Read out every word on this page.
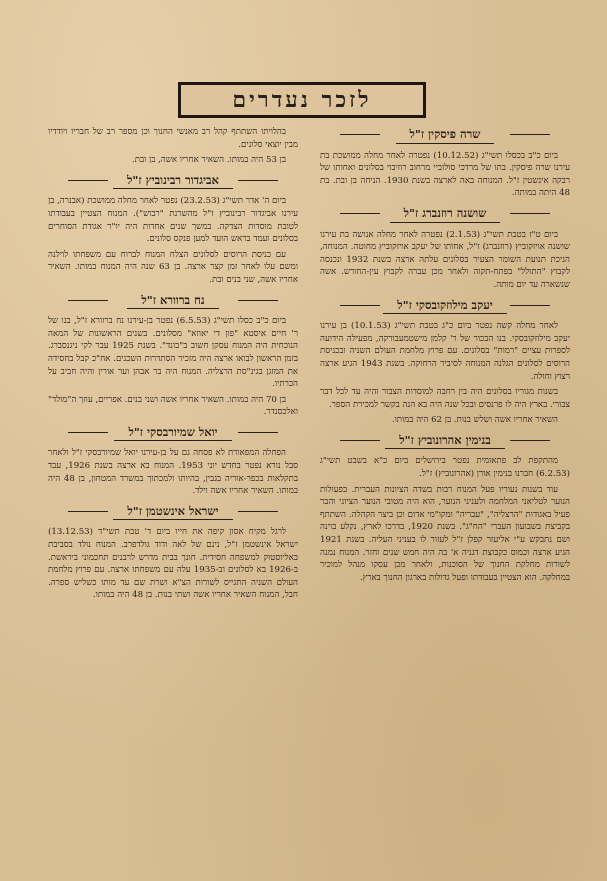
לזכר נעדרים
שרה פיסקין ז"ל
ביום כ"ב בכסלו תשי"ג (10.12.52) נפטרה לאחר מחלה ממושכת בת עירנו שרה פיסקין. בתו של מרדכי סולוביי מרחוב רוזיבוי בסלונים ואחותו של רבקה אינשטין ז"ל. המנוחה באה לארצה בשנת 1930. הניחה בן ובת. בת 48 היתה במותה.
שושנה רוזנברג ז"ל
ביום ט"ז בטבת תשי"ג (2.1.53) נפטרה לאחר מחלה אנושה בת עירנו שושנה אויזקוביץ (רוזנברג) ז"ל, אחותו של יעקב אויזקוביץ מחוטה. המנוחה, הניכת תנועת השומר הצעיר בסלונים עלתה ארצה בשנת 1932 ונכנסה לקבוץ "התולל" בפתח-תקוה ולאחר מכן עברה לקבוץ עין-החורש. אשה שנשארה עד יום מותה.
יעקב מילוזקובסקי ז"ל
לאחר מחלה קשה נפטר ביום כ"ג בטבת תשי"ג (10.1.53) בן עירנו יעקב מילוזקובסקי. בנו הבכור של ר' קלמן מישטמעבורקה, מפעילה הידועה לספרות עציים "רמות" בסלונים. עם פרוץ מלחמת העולם השניה ובכניסת הרוסים לסלונים הגלנה המנוחה לסיביר הרחוקה. בשנת 1943 הגיע ארצה רצוץ וחולה.
בשנות מגוריו בסלונים היה בין רחבה למוסדות הצבור והיה עד לכל דבר צבורי. בארץ היה לו פרנסים ובכל שנה היה בא הנה בקשר למכירת הספר.
השאיר אחריו אשה ושלש בנות. בן 62 היה במותו.
בנימין אהרונוביץ ז"ל
מהתקפת לב פתאומית נפטר בירושלים ביום כ"א בשבט תשי"ג (6.2.53) חברנו בנימין אורן (אהרונוביץ) ז"ל.
עוד בשנות נעוריו פעל המנוח רבות בשדה הציונות העברית. בפעולות הנוער לטליאני המלחמה ולעניני הנוער, הוא היה מטובי הנוער הציוני והבר פעיל באגודות "הרצליה", "עבריה" ומקו"מי אדום וכן ביצר הקהלה. השתתף בקביצת בשבועון העברי "הח"ג". בשנת 1920, בדרכו לארץ, נקלע בוינה ושם נתבקש ע"י אליעזר קפלן ז"ל לעזור לו בעניני העליה. בשנת 1921 הגיע ארצה וכמוס כקבוצת דגניה א' בה היה חמש שנים וחזר. המנוח נמנה לשורות מחלקת החנוך של הסוכנות, ולאחר מכן עסקו מנהל למוכיר במחלקה. הוא הצטיין בעבודתו ופעל גדולות בארגון החנוך בארץ.
בהלויתו השתתף קהל רב מאנשי החנוך וכן מספר רב של חבריו ויודדיו מבין יוצאי סלונים.
בן 53 היה במותו. השאיר אחריו אשה, בן ובת.
אביגדור רבינוביץ ז"ל
ביום ה' אדר תשי"ג (23.2.53) נפטר לאחר מחלה ממושכת (אבנרה, בן עירנו אביגדור רבינוביץ ז"ל מהשרנת "רבוש"). המנוח הצטיין בעבודתו לטובת מוסדות הצדקה. במשך שנים אחדות היה יו"ר אגודת הסוחרים בסלונים ועמד בראש הועד למען פנקס סלונים.
עם כניסת הרוסים לסלונים הצלח המנוח לברוח עם משפחתו לוילנה ומשם עלו לאחר זמן קצר ארצה. בן 63 שנה היה המנוח במותו. השאיר אחריו אשה, שני בנים ובת.
נח ברוורא ז"ל
ביום כ"ב כסלו תשי"ג (6.5.53) נפטר בן-עירנו נח ברוורא ז"ל, בנו של ר' חיים איסטא "פון די יאוזא" מסלונים. בשנים הראשונות של המאה הנוכחית היה המנוח עסקן חשוב ב"בונד". בשנת 1925 עבר לקי ניגנסברג. בזמן הראשון לבואו ארצה היה מזכיר הסתדרות השכנים. אח"כ קבל בחסידה את המזגן בגינ"סת הרצליה. המנוח היה בר אבהן וער אורין והיה חביב על הכרתיו.
בן 70 היה במותו. השאיר אחריו אשה ושני בנים. אפריים, עוזך ה"מולד" ואלכסנדר.
יואל שמיורבסקי ז"ל
הפחלה המפאורת לא פסחה גם על בן-עירנו יואל שמיורבסקי ז"ל ולאחר סבל נורא נפטר בחדש יוני 1953. המנוח בא ארצה בשנת 1926, עבד בתקלאות בכפר-אוריה בגבין, בהיותו ולמכתוך במשרד המטחון, בן 48 היה במותו. השאיר אחריו אשה וילד.
ישראל אינשטמן ז"ל
לרגל מקיח אסון קיפה את חייו ביום ד' טבת תשי"ד (13.12.53) ישראל אינשטמן ז"ל, נינם של לאה ודוד גולדפרב. המנוח נולד בסביבת באליוסטוק למשפחה חסידית. חונך בבית מדרש לרבנים תחכמוני ביראשת. ב-1926 בא לסלונים וב-1935 עלה עם משפחתו ארצה. עם פרוץ מלחמת העולם השניה התגייס לשורות הצ"א ושרת שם עד מותו כשליש ספרה. חבל, המנוח השאיר אחריו אשה ושתי בנות. בן 48 היה במותו.
